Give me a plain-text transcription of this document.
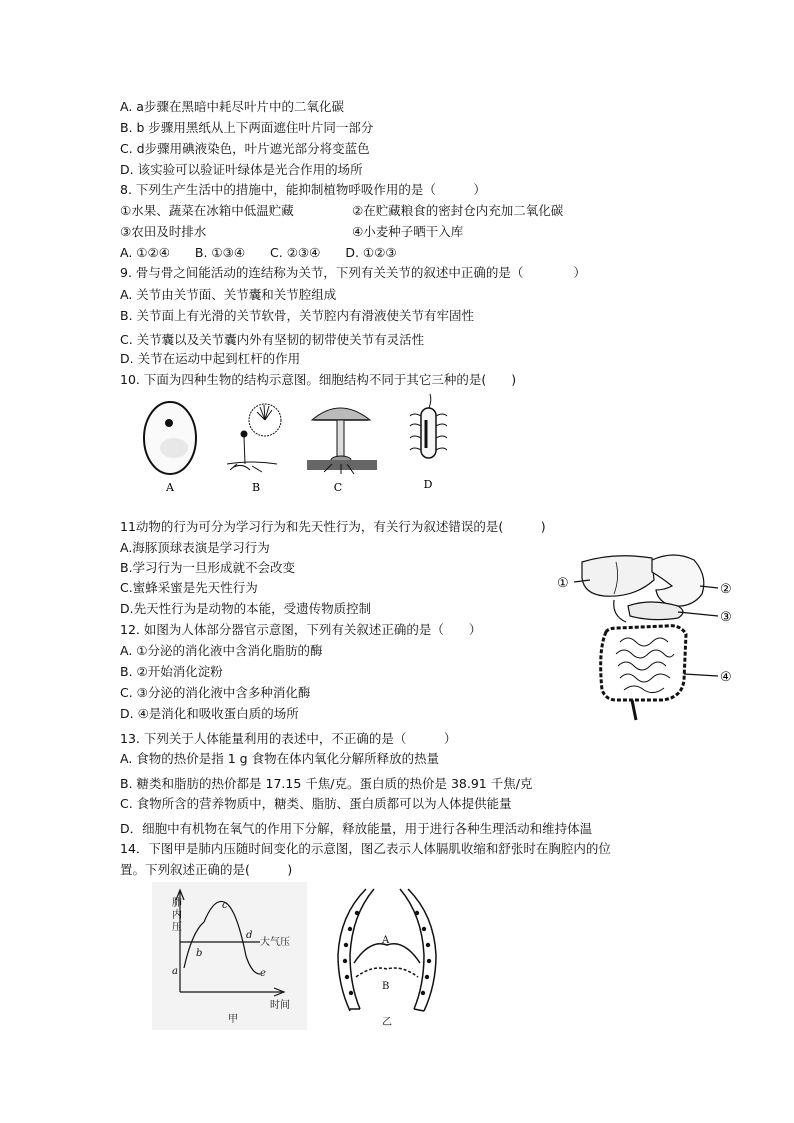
A. a步骤在黑暗中耗尽叶片中的二氧化碳
B. b 步骤用黑纸从上下两面遮住叶片同一部分
C. d步骤用碘液染色，叶片遮光部分将变蓝色
D. 该实验可以验证叶绿体是光合作用的场所
8. 下列生产生活中的措施中，能抑制植物呼吸作用的是（　　　）
①水果、蔬菜在冰箱中低温贮藏	②在贮藏粮食的密封仓内充加二氧化碳
③农田及时排水	④小麦种子晒干入库
A. ①②④　　B. ①③④　　C. ②③④　　D. ①②③
9. 骨与骨之间能活动的连结称为关节，下列有关关节的叙述中正确的是（　　　　）
A. 关节由关节面、关节囊和关节腔组成
B. 关节面上有光滑的关节软骨，关节腔内有滑液使关节有牢固性
C. 关节囊以及关节囊内外有坚韧的韧带使关节有灵活性
D. 关节在运动中起到杠杆的作用
10. 下面为四种生物的结构示意图。细胞结构不同于其它三种的是(　　)
A	B	C	D
11动物的行为可分为学习行为和先天性行为，有关行为叙述错误的是(　　　)
A.海豚顶球表演是学习行为
B.学习行为一旦形成就不会改变
C.蜜蜂采蜜是先天性行为
D.先天性行为是动物的本能，受遗传物质控制
12. 如图为人体部分器官示意图，下列有关叙述正确的是（　　）
A. ①分泌的消化液中含消化脂肪的酶
B. ②开始消化淀粉
C. ③分泌的消化液中含多种消化酶
D. ④是消化和吸收蛋白质的场所
①	②
③
④
13. 下列关于人体能量利用的表述中，不正确的是（　　　）
A. 食物的热价是指 1 g 食物在体内氧化分解所释放的热量
B. 糖类和脂肪的热价都是 17.15 千焦/克。蛋白质的热价是 38.91 千焦/克
C. 食物所含的营养物质中，糖类、脂肪、蛋白质都可以为人体提供能量
D．细胞中有机物在氧气的作用下分解，释放能量，用于进行各种生理活动和维持体温
14．下图甲是肺内压随时间变化的示意图，图乙表示人体膈肌收缩和舒张时在胸腔内的位
置。下列叙述正确的是(　　　)
a
b
c
d
e
肺
内
压
大气压
时间
甲
A
B
乙
